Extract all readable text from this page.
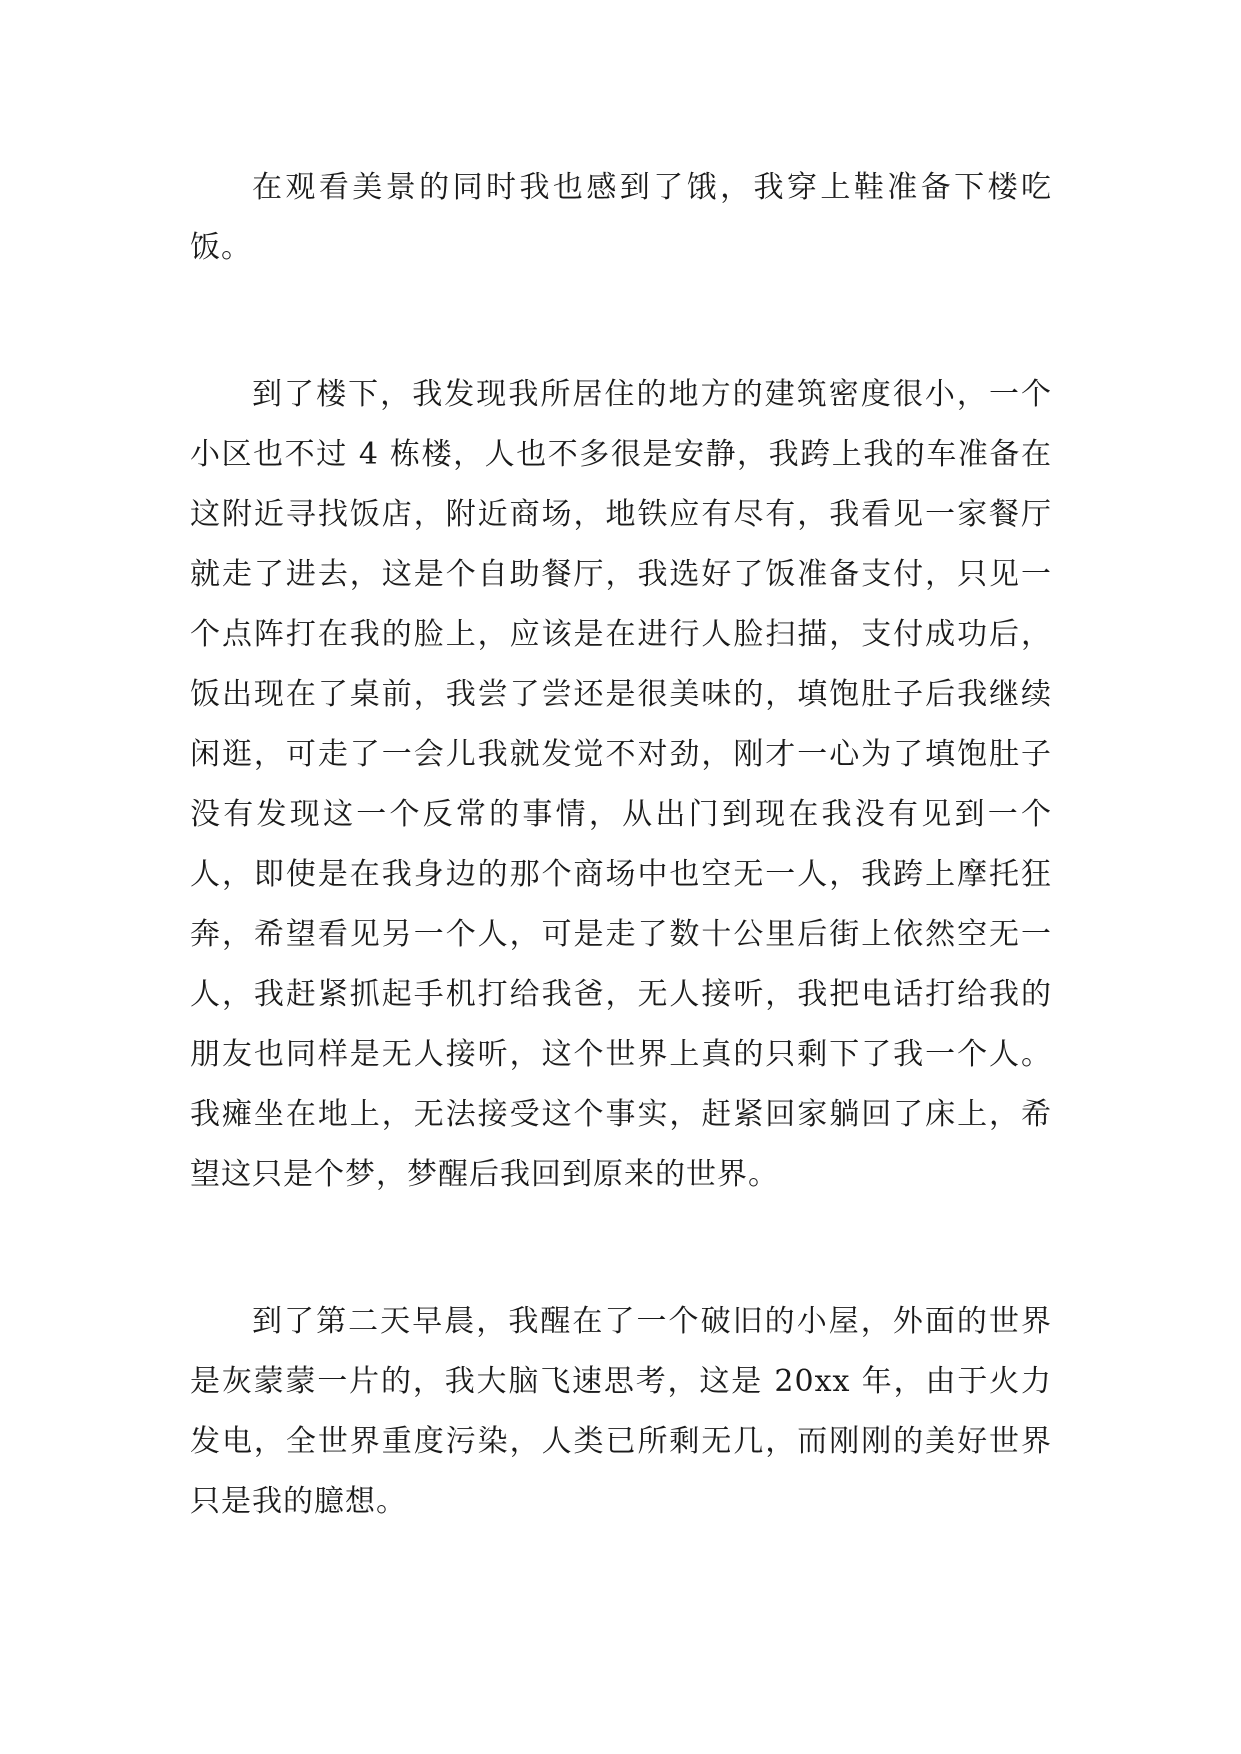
在观看美景的同时我也感到了饿，我穿上鞋准备下楼吃饭。

到了楼下，我发现我所居住的地方的建筑密度很小，一个小区也不过 4 栋楼，人也不多很是安静，我跨上我的车准备在这附近寻找饭店，附近商场，地铁应有尽有，我看见一家餐厅就走了进去，这是个自助餐厅，我选好了饭准备支付，只见一个点阵打在我的脸上，应该是在进行人脸扫描，支付成功后，饭出现在了桌前，我尝了尝还是很美味的，填饱肚子后我继续闲逛，可走了一会儿我就发觉不对劲，刚才一心为了填饱肚子没有发现这一个反常的事情，从出门到现在我没有见到一个人，即使是在我身边的那个商场中也空无一人，我跨上摩托狂奔，希望看见另一个人，可是走了数十公里后街上依然空无一人，我赶紧抓起手机打给我爸，无人接听，我把电话打给我的朋友也同样是无人接听，这个世界上真的只剩下了我一个人。我瘫坐在地上，无法接受这个事实，赶紧回家躺回了床上，希望这只是个梦，梦醒后我回到原来的世界。

到了第二天早晨，我醒在了一个破旧的小屋，外面的世界是灰蒙蒙一片的，我大脑飞速思考，这是 20xx 年，由于火力发电，全世界重度污染，人类已所剩无几，而刚刚的美好世界只是我的臆想。
